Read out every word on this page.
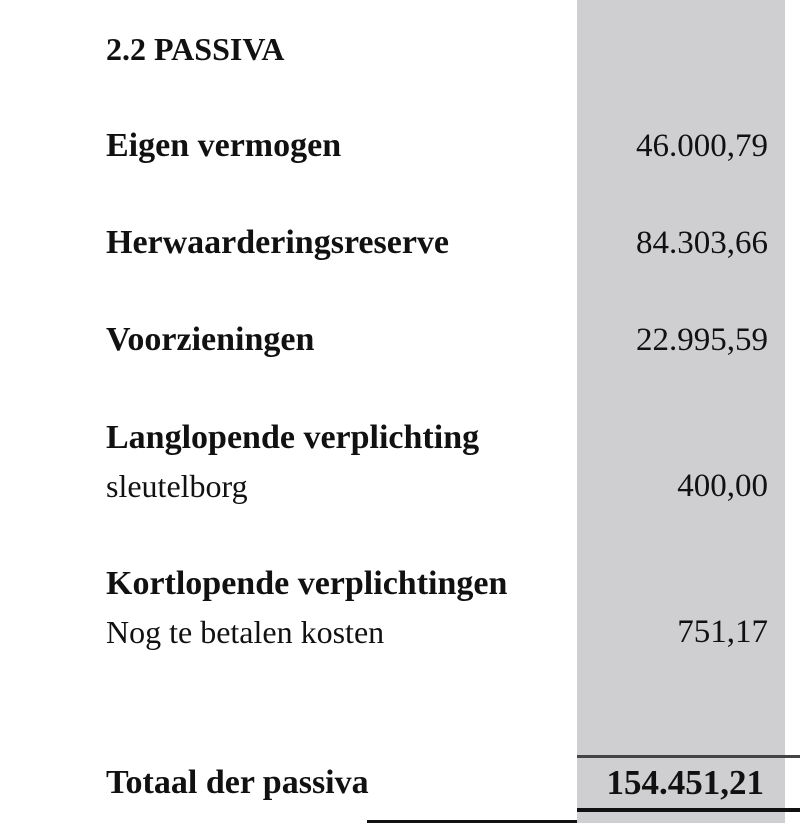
2.2 PASSIVA
Eigen vermogen	46.000,79
Herwaarderingsreserve	84.303,66
Voorzieningen	22.995,59
Langlopende verplichting
sleutelborg	400,00
Kortlopende verplichtingen
Nog te betalen kosten	751,17
Totaal der passiva	154.451,21
